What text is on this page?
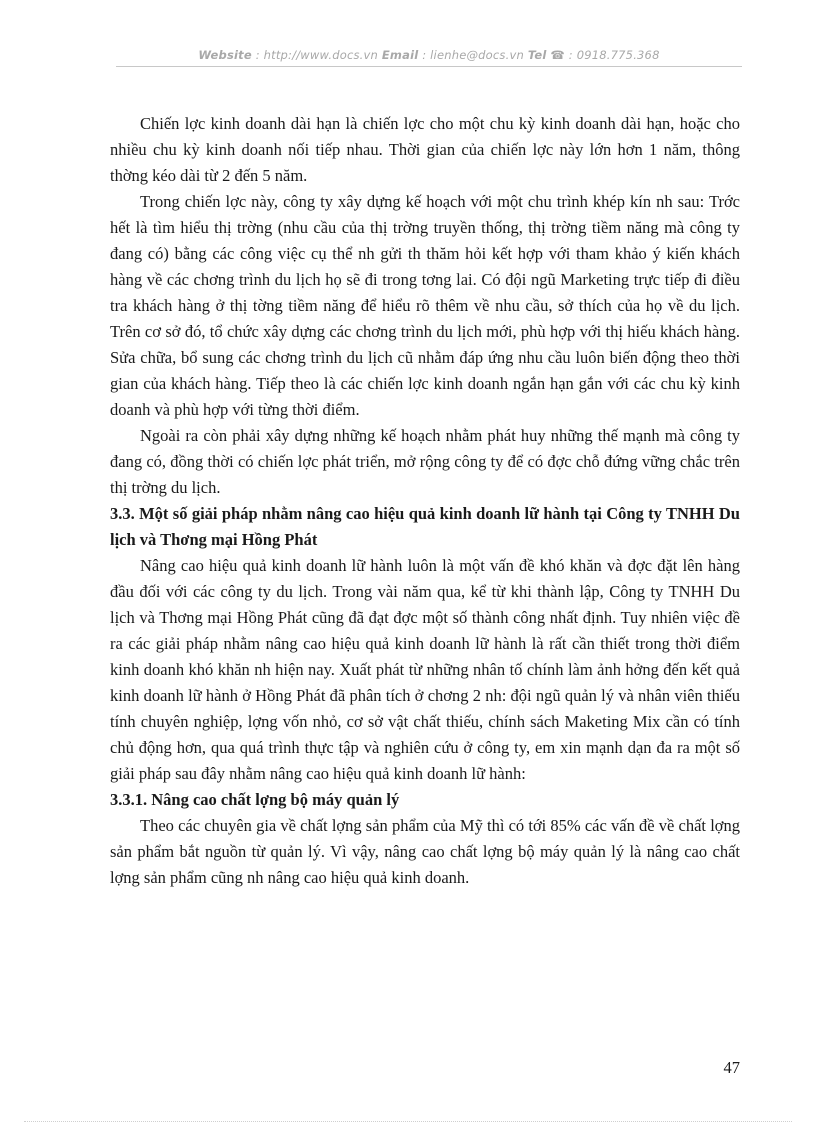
Website : http://www.docs.vn Email : lienhe@docs.vn Tel ☎ : 0918.775.368

Chiến lợc kinh doanh dài hạn là chiến lợc cho một chu kỳ kinh doanh dài hạn, hoặc cho nhiều chu kỳ kinh doanh nối tiếp nhau. Thời gian của chiến lợc này lớn hơn 1 năm, thông thờng kéo dài từ 2 đến 5 năm.

Trong chiến lợc này, công ty xây dựng kế hoạch với một chu trình khép kín nh sau: Trớc hết là tìm hiểu thị trờng (nhu cầu của thị trờng truyền thống, thị trờng tiềm năng mà công ty đang có) bằng các công việc cụ thể nh gửi th thăm hỏi kết hợp với tham khảo ý kiến khách hàng về các chơng trình du lịch họ sẽ đi trong tơng lai. Có đội ngũ Marketing trực tiếp đi điều tra khách hàng ở thị tờng tiềm năng để hiểu rõ thêm về nhu cầu, sở thích của họ về du lịch. Trên cơ sở đó, tổ chức xây dựng các chơng trình du lịch mới, phù hợp với thị hiếu khách hàng. Sửa chữa, bổ sung các chơng trình du lịch cũ nhằm đáp ứng nhu cầu luôn biến động theo thời gian của khách hàng. Tiếp theo là các chiến lợc kinh doanh ngắn hạn gắn với các chu kỳ kinh doanh và phù hợp với từng thời điểm.

Ngoài ra còn phải xây dựng những kế hoạch nhằm phát huy những thế mạnh mà công ty đang có, đồng thời có chiến lợc phát triển, mở rộng công ty để có đợc chỗ đứng vững chắc trên thị trờng du lịch.

3.3. Một số giải pháp nhằm nâng cao hiệu quả kinh doanh lữ hành tại Công ty TNHH Du lịch và Thơng mại Hồng Phát

Nâng cao hiệu quả kinh doanh lữ hành luôn là một vấn đề khó khăn và đợc đặt lên hàng đầu đối với các công ty du lịch. Trong vài năm qua, kể từ khi thành lập, Công ty TNHH Du lịch và Thơng mại Hồng Phát cũng đã đạt đợc một số thành công nhất định. Tuy nhiên việc đề ra các giải pháp nhằm nâng cao hiệu quả kinh doanh lữ hành là rất cần thiết trong thời điểm kinh doanh khó khăn nh hiện nay. Xuất phát từ những nhân tố chính làm ảnh hởng đến kết quả kinh doanh lữ hành ở Hồng Phát đã phân tích ở chơng 2 nh: đội ngũ quản lý và nhân viên thiếu tính chuyên nghiệp, lợng vốn nhỏ, cơ sở vật chất thiếu, chính sách Maketing Mix cần có tính chủ động hơn, qua quá trình thực tập và nghiên cứu ở công ty, em xin mạnh dạn đa ra một số giải pháp sau đây nhằm nâng cao hiệu quả kinh doanh lữ hành:

3.3.1. Nâng cao chất lợng bộ máy quản lý

Theo các chuyên gia về chất lợng sản phẩm của Mỹ thì có tới 85% các vấn đề về chất lợng sản phẩm bắt nguồn từ quản lý. Vì vậy, nâng cao chất lợng bộ máy quản lý là nâng cao chất lợng sản phẩm cũng nh nâng cao hiệu quả kinh doanh.

47
